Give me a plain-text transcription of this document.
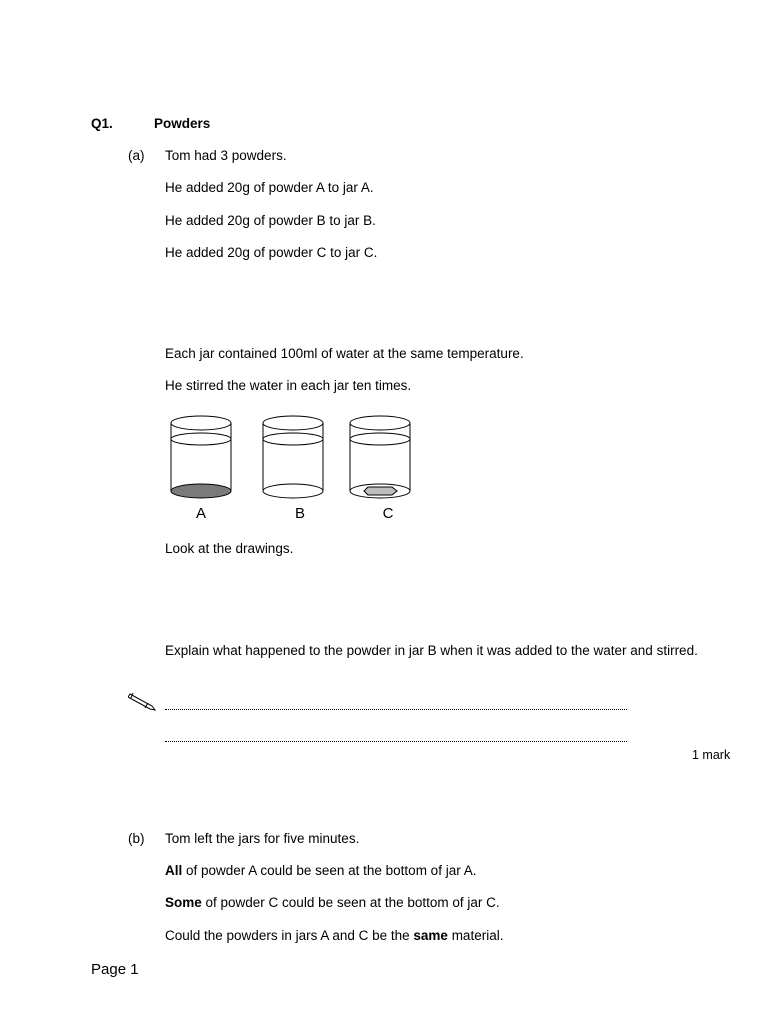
Q1.	Powders
(a) Tom had 3 powders.
He added 20g of powder A to jar A.
He added 20g of powder B to jar B.
He added 20g of powder C to jar C.
Each jar contained 100ml of water at the same temperature.
He stirred the water in each jar ten times.
A	B	C
Look at the drawings.
Explain what happened to the powder in jar B when it was added to the water and stirred.
1 mark
(b) Tom left the jars for five minutes.
All of powder A could be seen at the bottom of jar A.
Some of powder C could be seen at the bottom of jar C.
Could the powders in jars A and C be the same material.
Page 1
